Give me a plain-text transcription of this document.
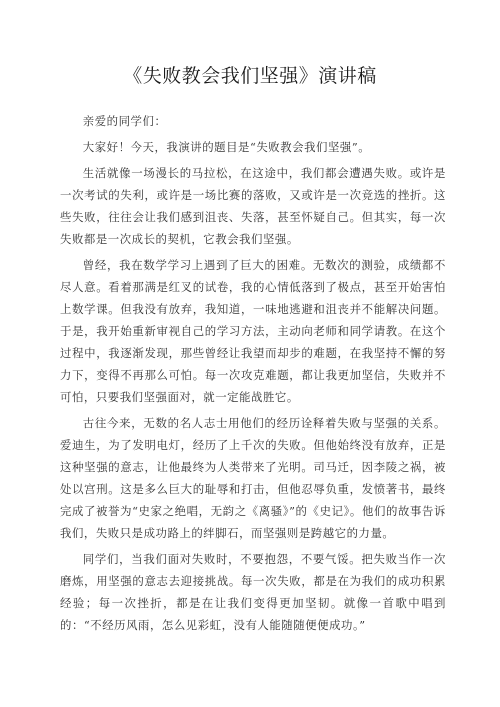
《失败教会我们坚强》演讲稿

亲爱的同学们：

大家好！今天，我演讲的题目是“失败教会我们坚强”。

生活就像一场漫长的马拉松，在这途中，我们都会遭遇失败。或许是一次考试的失利，或许是一场比赛的落败，又或许是一次竞选的挫折。这些失败，往往会让我们感到沮丧、失落，甚至怀疑自己。但其实，每一次失败都是一次成长的契机，它教会我们坚强。

曾经，我在数学学习上遇到了巨大的困难。无数次的测验，成绩都不尽人意。看着那满是红叉的试卷，我的心情低落到了极点，甚至开始害怕上数学课。但我没有放弃，我知道，一味地逃避和沮丧并不能解决问题。于是，我开始重新审视自己的学习方法，主动向老师和同学请教。在这个过程中，我逐渐发现，那些曾经让我望而却步的难题，在我坚持不懈的努力下，变得不再那么可怕。每一次攻克难题，都让我更加坚信，失败并不可怕，只要我们坚强面对，就一定能战胜它。

古往今来，无数的名人志士用他们的经历诠释着失败与坚强的关系。爱迪生，为了发明电灯，经历了上千次的失败。但他始终没有放弃，正是这种坚强的意志，让他最终为人类带来了光明。司马迁，因李陵之祸，被处以宫刑。这是多么巨大的耻辱和打击，但他忍辱负重，发愤著书，最终完成了被誉为“史家之绝唱，无韵之《离骚》”的《史记》。他们的故事告诉我们，失败只是成功路上的绊脚石，而坚强则是跨越它的力量。

同学们，当我们面对失败时，不要抱怨，不要气馁。把失败当作一次磨炼，用坚强的意志去迎接挑战。每一次失败，都是在为我们的成功积累经验；每一次挫折，都是在让我们变得更加坚韧。就像一首歌中唱到的：“不经历风雨，怎么见彩虹，没有人能随随便便成功。”
